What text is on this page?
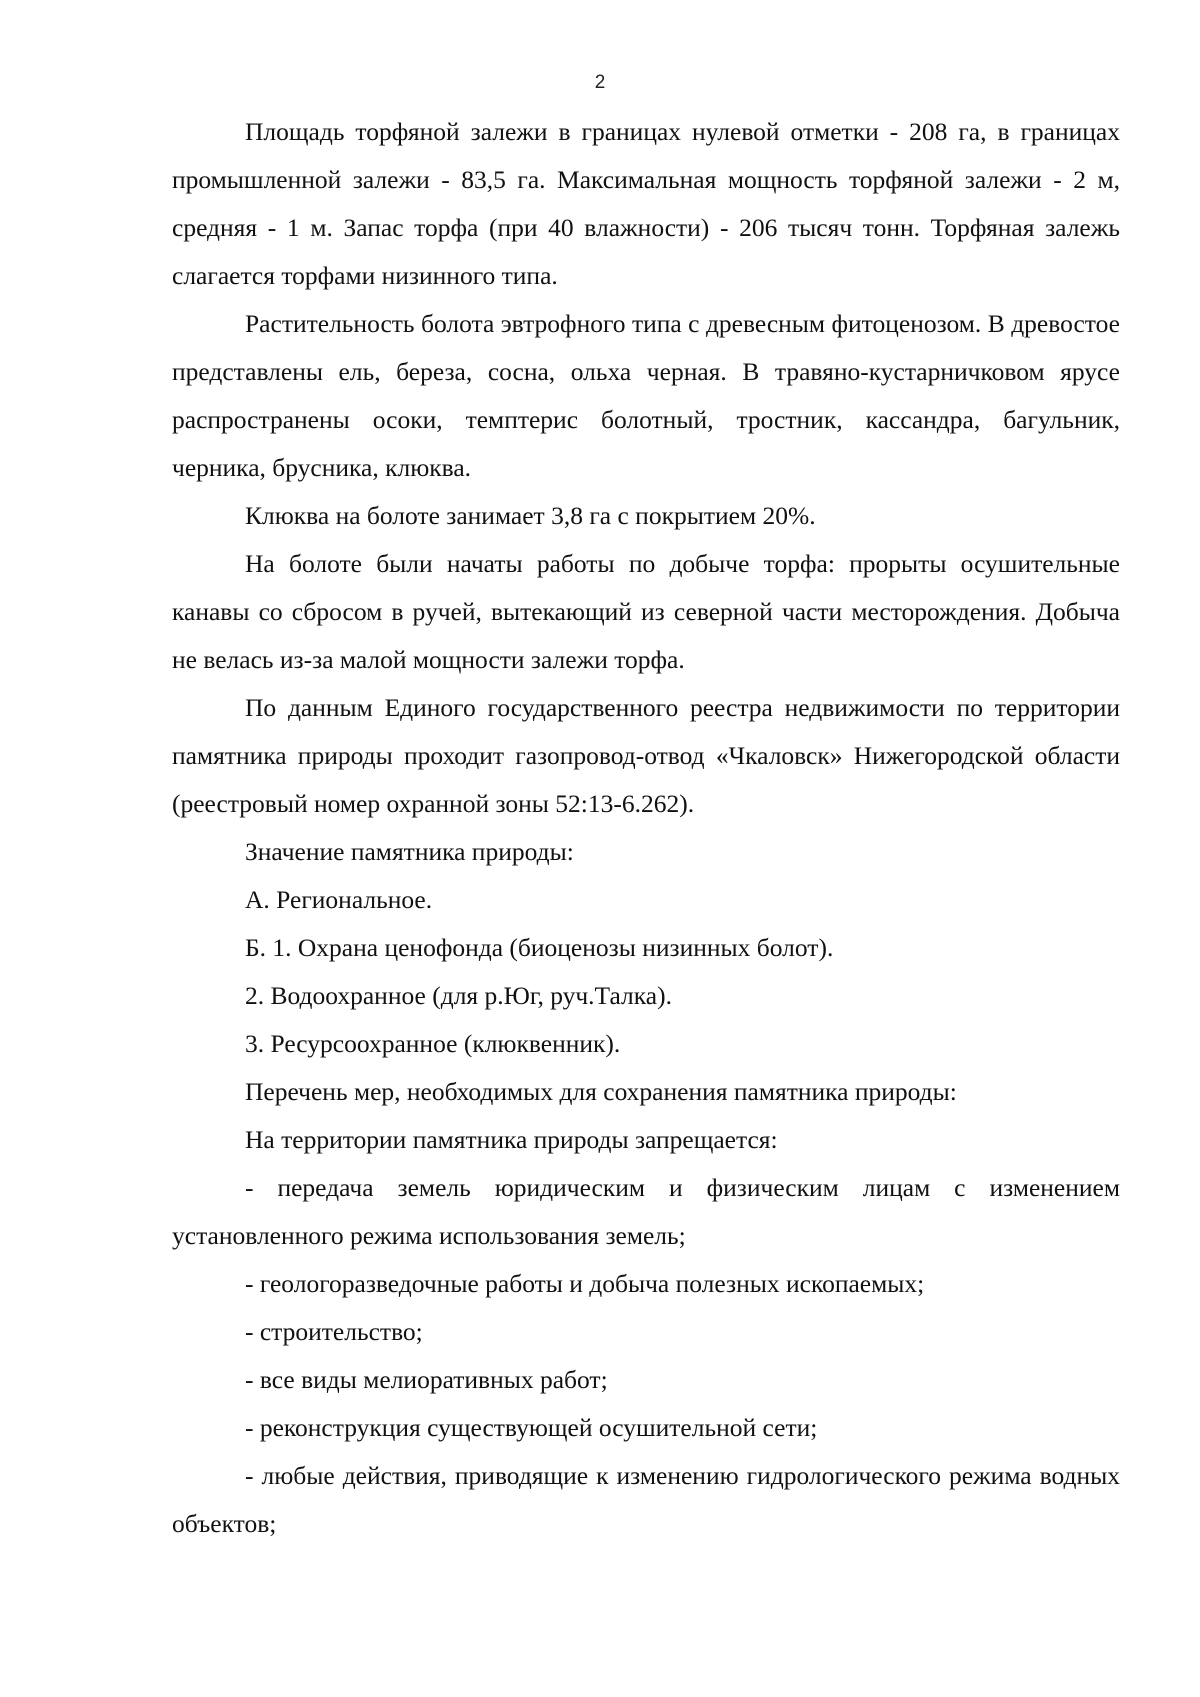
2

Площадь торфяной залежи в границах нулевой отметки - 208 га, в границах промышленной залежи - 83,5 га. Максимальная мощность торфяной залежи - 2 м, средняя - 1 м. Запас торфа (при 40 влажности) - 206 тысяч тонн. Торфяная залежь слагается торфами низинного типа.

Растительность болота эвтрофного типа с древесным фитоценозом. В древостое представлены ель, береза, сосна, ольха черная. В травяно-кустарничковом ярусе распространены осоки, темптерис болотный, тростник, кассандра, багульник, черника, брусника, клюква.

Клюква на болоте занимает 3,8 га с покрытием 20%.

На болоте были начаты работы по добыче торфа: прорыты осушительные канавы со сбросом в ручей, вытекающий из северной части месторождения. Добыча не велась из-за малой мощности залежи торфа.

По данным Единого государственного реестра недвижимости по территории памятника природы проходит газопровод-отвод «Чкаловск» Нижегородской области (реестровый номер охранной зоны 52:13-6.262).

Значение памятника природы:

А. Региональное.

Б. 1. Охрана ценофонда (биоценозы низинных болот).

2. Водоохранное (для р.Юг, руч.Талка).

3. Ресурсоохранное (клюквенник).

Перечень мер, необходимых для сохранения памятника природы:

На территории памятника природы запрещается:

- передача земель юридическим и физическим лицам с изменением установленного режима использования земель;

- геологоразведочные работы и добыча полезных ископаемых;

- строительство;

- все виды мелиоративных работ;

- реконструкция существующей осушительной сети;

- любые действия, приводящие к изменению гидрологического режима водных объектов;
